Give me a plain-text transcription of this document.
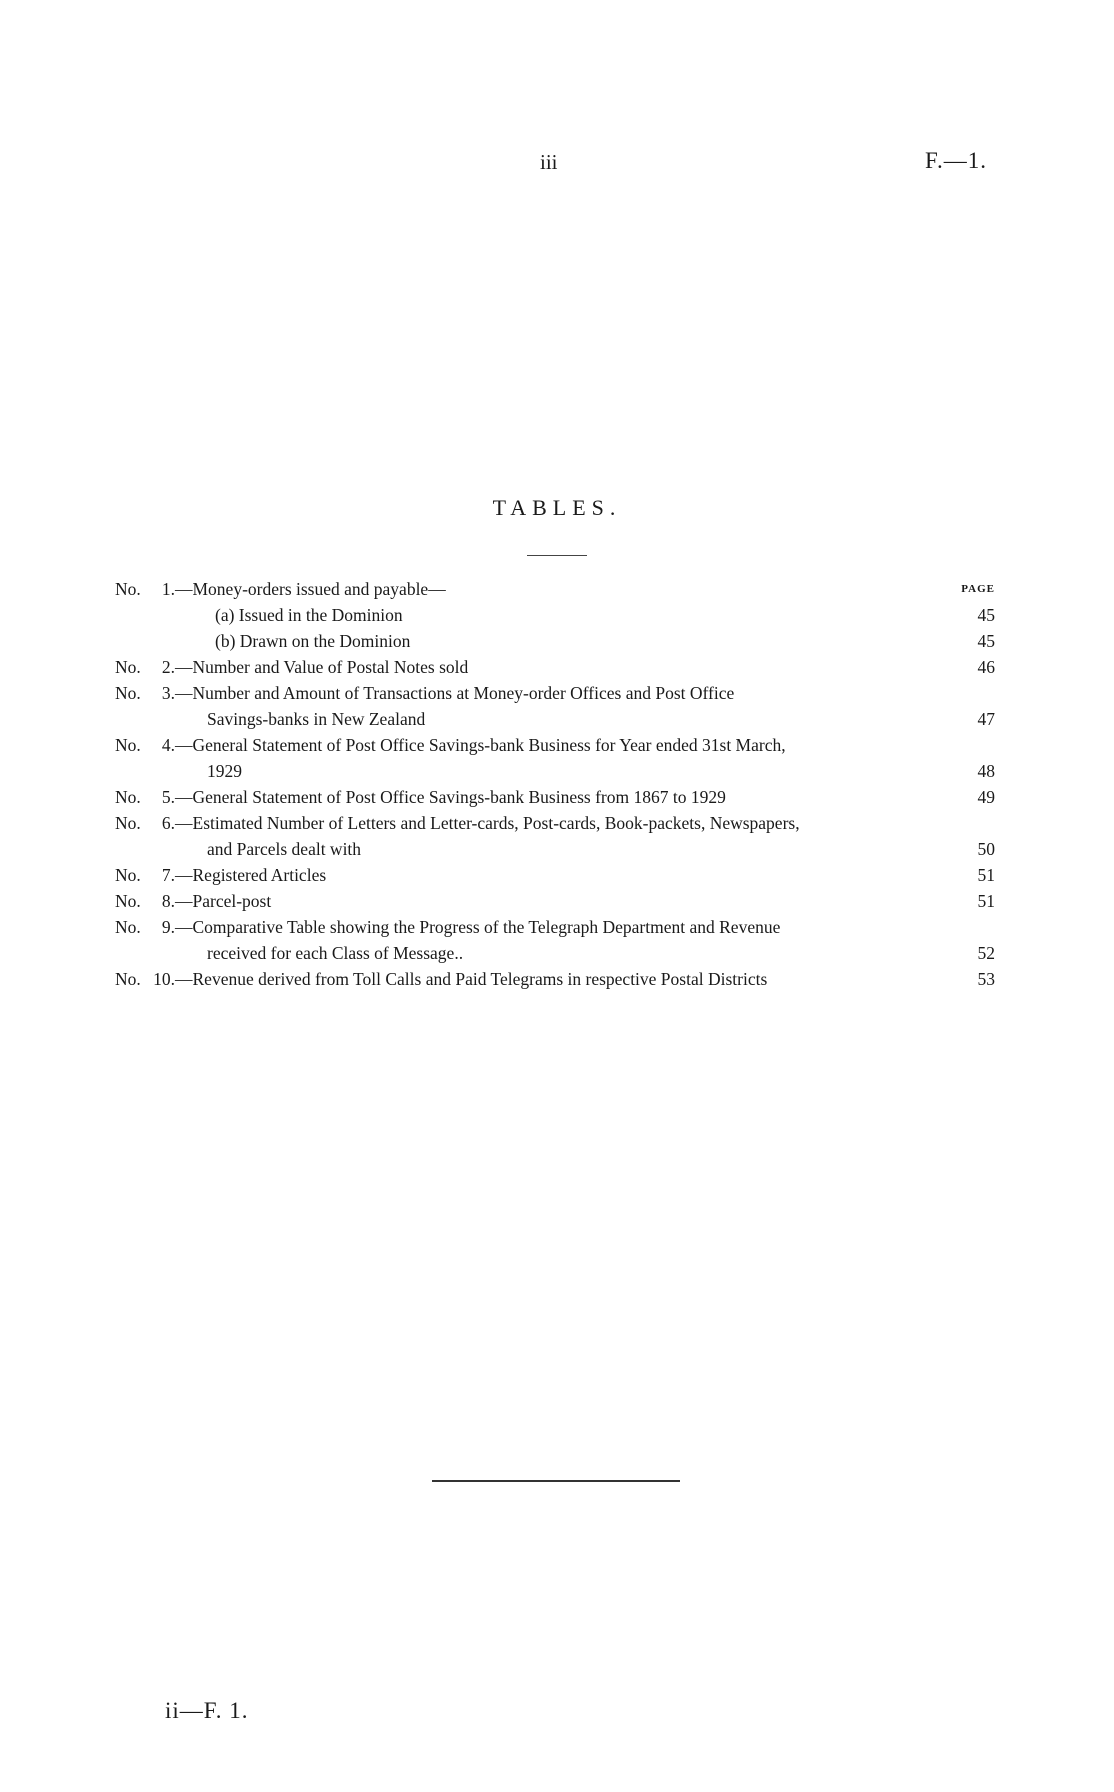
iii	F.—1.
TABLES.
PAGE
No.	1. —Money-orders issued and payable—
(a) Issued in the Dominion	45
(b) Drawn on the Dominion	45
No.	2. —Number and Value of Postal Notes sold	46
No.	3. —Number and Amount of Transactions at Money-order Offices and Post Office
Savings-banks in New Zealand	47
No.	4. —General Statement of Post Office Savings-bank Business for Year ended 31st March,
1929	48
No.	5. —General Statement of Post Office Savings-bank Business from 1867 to 1929	49
No.	6. —Estimated Number of Letters and Letter-cards, Post-cards, Book-packets, Newspapers,
and Parcels dealt with	50
No.	7. —Registered Articles	51
No.	8. —Parcel-post	51
No.	9. —Comparative Table showing the Progress of the Telegraph Department and Revenue
received for each Class of Message..	52
No. 10. —Revenue derived from Toll Calls and Paid Telegrams in respective Postal Districts	53
ii—F. 1.
